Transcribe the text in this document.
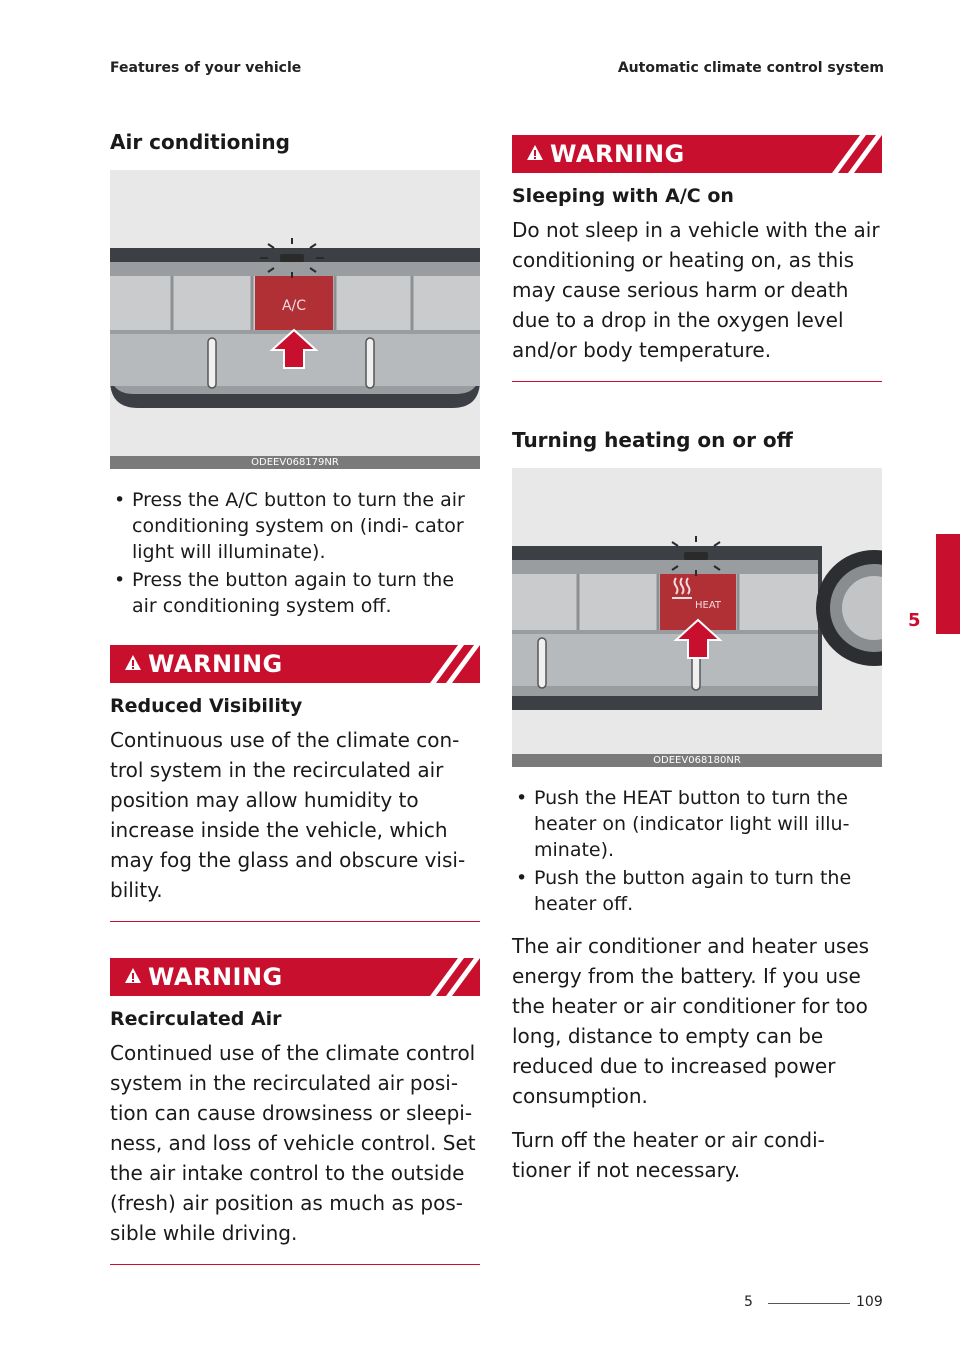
Features of your vehicle	Automatic climate control system
Air conditioning
A/C
ODEEV068179NR
• Press the A/C button to turn the air conditioning system on (indi- cator light will illuminate).
• Press the button again to turn the air conditioning system off.
WARNING
Reduced Visibility

Continuous use of the climate con- trol system in the recirculated air position may allow humidity to increase inside the vehicle, which may fog the glass and obscure visi- bility.

WARNING
Recirculated Air

Continued use of the climate control system in the recirculated air posi- tion can cause drowsiness or sleepi- ness, and loss of vehicle control. Set the air intake control to the outside (fresh) air position as much as pos- sible while driving.

WARNING
Sleeping with A/C on

Do not sleep in a vehicle with the air conditioning or heating on, as this may cause serious harm or death due to a drop in the oxygen level and/or body temperature.

Turning heating on or off
HEAT
ODEEV068180NR
• Push the HEAT button to turn the heater on (indicator light will illu- minate).
• Push the button again to turn the heater off.

The air conditioner and heater uses energy from the battery. If you use the heater or air conditioner for too long, distance to empty can be reduced due to increased power consumption.

Turn off the heater or air condi- tioner if not necessary.

5
5	109
